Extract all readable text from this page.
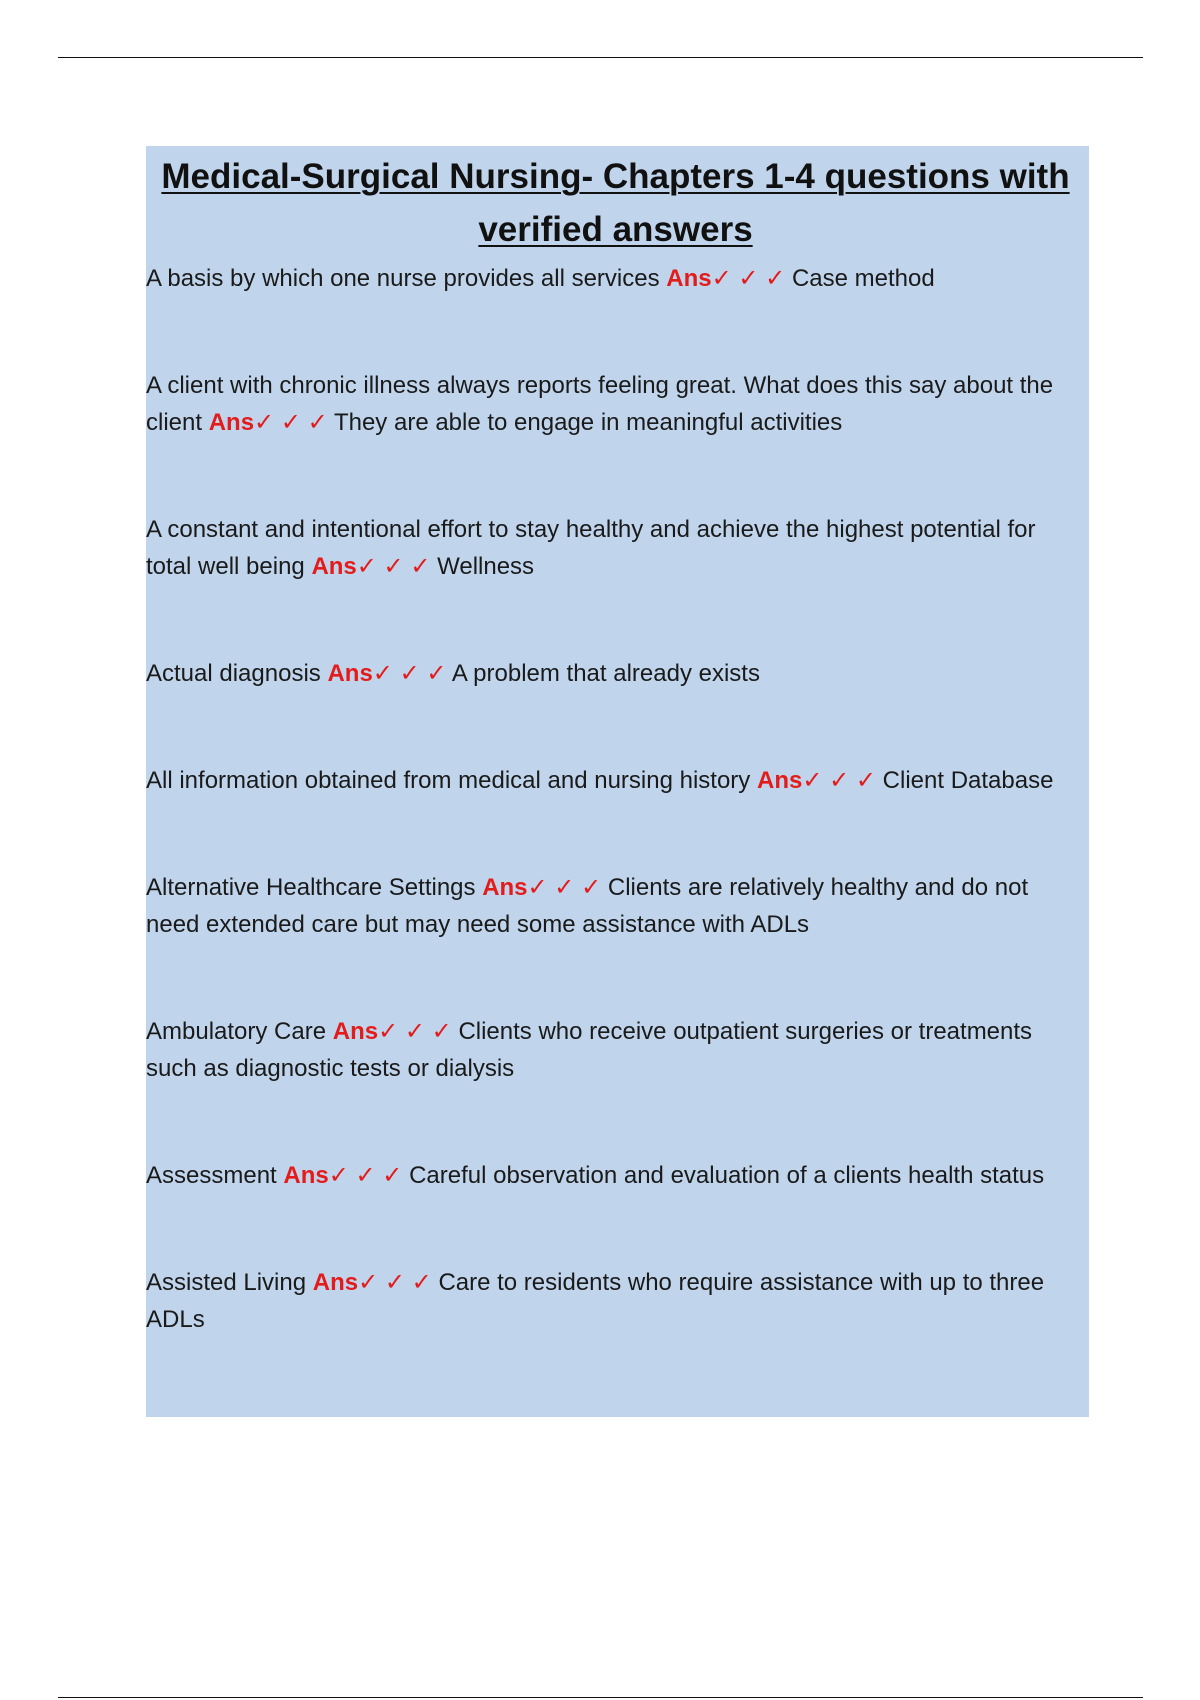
Medical-Surgical Nursing- Chapters 1-4 questions with verified answers
A basis by which one nurse provides all services Ans✓ ✓ ✓ Case method
A client with chronic illness always reports feeling great. What does this say about the client Ans✓ ✓ ✓ They are able to engage in meaningful activities
A constant and intentional effort to stay healthy and achieve the highest potential for total well being Ans✓ ✓ ✓ Wellness
Actual diagnosis Ans✓ ✓ ✓ A problem that already exists
All information obtained from medical and nursing history Ans✓ ✓ ✓ Client Database
Alternative Healthcare Settings Ans✓ ✓ ✓ Clients are relatively healthy and do not need extended care but may need some assistance with ADLs
Ambulatory Care Ans✓ ✓ ✓ Clients who receive outpatient surgeries or treatments such as diagnostic tests or dialysis
Assessment Ans✓ ✓ ✓ Careful observation and evaluation of a clients health status
Assisted Living Ans✓ ✓ ✓ Care to residents who require assistance with up to three ADLs
